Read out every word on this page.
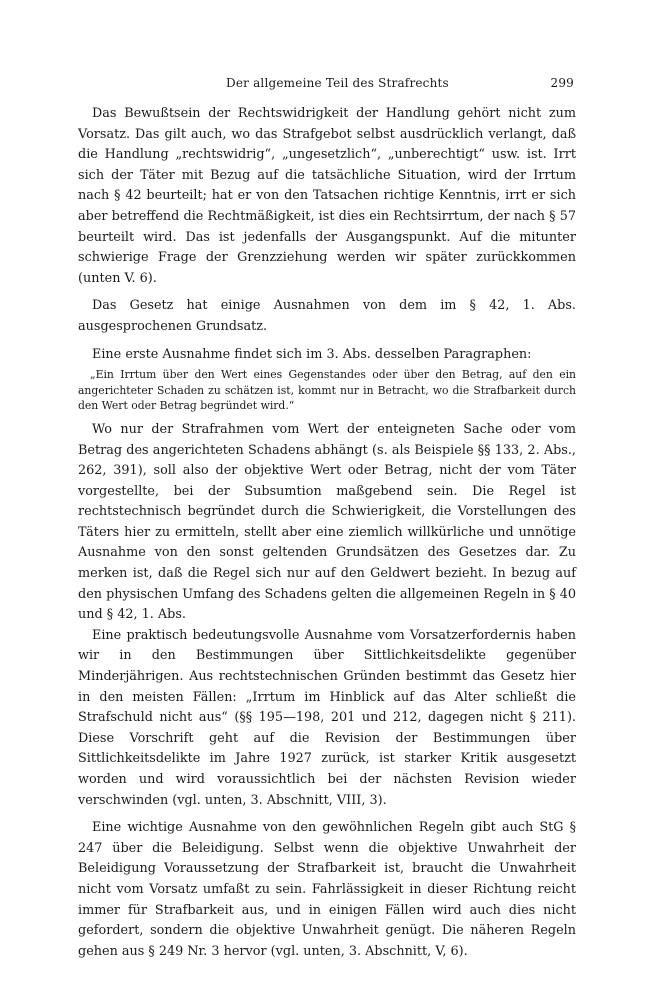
Der allgemeine Teil des Strafrechts	299

Das Bewußtsein der Rechtswidrigkeit der Handlung gehört nicht zum Vorsatz. Das gilt auch, wo das Strafgebot selbst ausdrücklich verlangt, daß die Handlung „rechtswidrig“, „ungesetzlich“, „unberechtigt“ usw. ist. Irrt sich der Täter mit Bezug auf die tatsächliche Situation, wird der Irrtum nach § 42 beurteilt; hat er von den Tatsachen richtige Kenntnis, irrt er sich aber betreffend die Rechtmäßigkeit, ist dies ein Rechtsirrtum, der nach § 57 beurteilt wird. Das ist jedenfalls der Ausgangspunkt. Auf die mitunter schwierige Frage der Grenzziehung werden wir später zurückkommen (unten V. 6).

Das Gesetz hat einige Ausnahmen von dem im § 42, 1. Abs. ausgesprochenen Grundsatz.

Eine erste Ausnahme findet sich im 3. Abs. desselben Paragraphen:

„Ein Irrtum über den Wert eines Gegenstandes oder über den Betrag, auf den ein angerichteter Schaden zu schätzen ist, kommt nur in Betracht, wo die Strafbarkeit durch den Wert oder Betrag begründet wird.“

Wo nur der Strafrahmen vom Wert der enteigneten Sache oder vom Betrag des angerichteten Schadens abhängt (s. als Beispiele §§ 133, 2. Abs., 262, 391), soll also der objektive Wert oder Betrag, nicht der vom Täter vorgestellte, bei der Subsumtion maßgebend sein. Die Regel ist rechtstechnisch begründet durch die Schwierigkeit, die Vorstellungen des Täters hier zu ermitteln, stellt aber eine ziemlich willkürliche und unnötige Ausnahme von den sonst geltenden Grundsätzen des Gesetzes dar. Zu merken ist, daß die Regel sich nur auf den Geldwert bezieht. In bezug auf den physischen Umfang des Schadens gelten die allgemeinen Regeln in § 40 und § 42, 1. Abs.

Eine praktisch bedeutungsvolle Ausnahme vom Vorsatzerfordernis haben wir in den Bestimmungen über Sittlichkeitsdelikte gegenüber Minderjährigen. Aus rechtstechnischen Gründen bestimmt das Gesetz hier in den meisten Fällen: „Irrtum im Hinblick auf das Alter schließt die Strafschuld nicht aus“ (§§ 195—198, 201 und 212, dagegen nicht § 211). Diese Vorschrift geht auf die Revision der Bestimmungen über Sittlichkeitsdelikte im Jahre 1927 zurück, ist starker Kritik ausgesetzt worden und wird voraussichtlich bei der nächsten Revision wieder verschwinden (vgl. unten, 3. Abschnitt, VIII, 3).

Eine wichtige Ausnahme von den gewöhnlichen Regeln gibt auch StG § 247 über die Beleidigung. Selbst wenn die objektive Unwahrheit der Beleidigung Voraussetzung der Strafbarkeit ist, braucht die Unwahrheit nicht vom Vorsatz umfaßt zu sein. Fahrlässigkeit in dieser Richtung reicht immer für Strafbarkeit aus, und in einigen Fällen wird auch dies nicht gefordert, sondern die objektive Unwahrheit genügt. Die näheren Regeln gehen aus § 249 Nr. 3 hervor (vgl. unten, 3. Abschnitt, V, 6).
